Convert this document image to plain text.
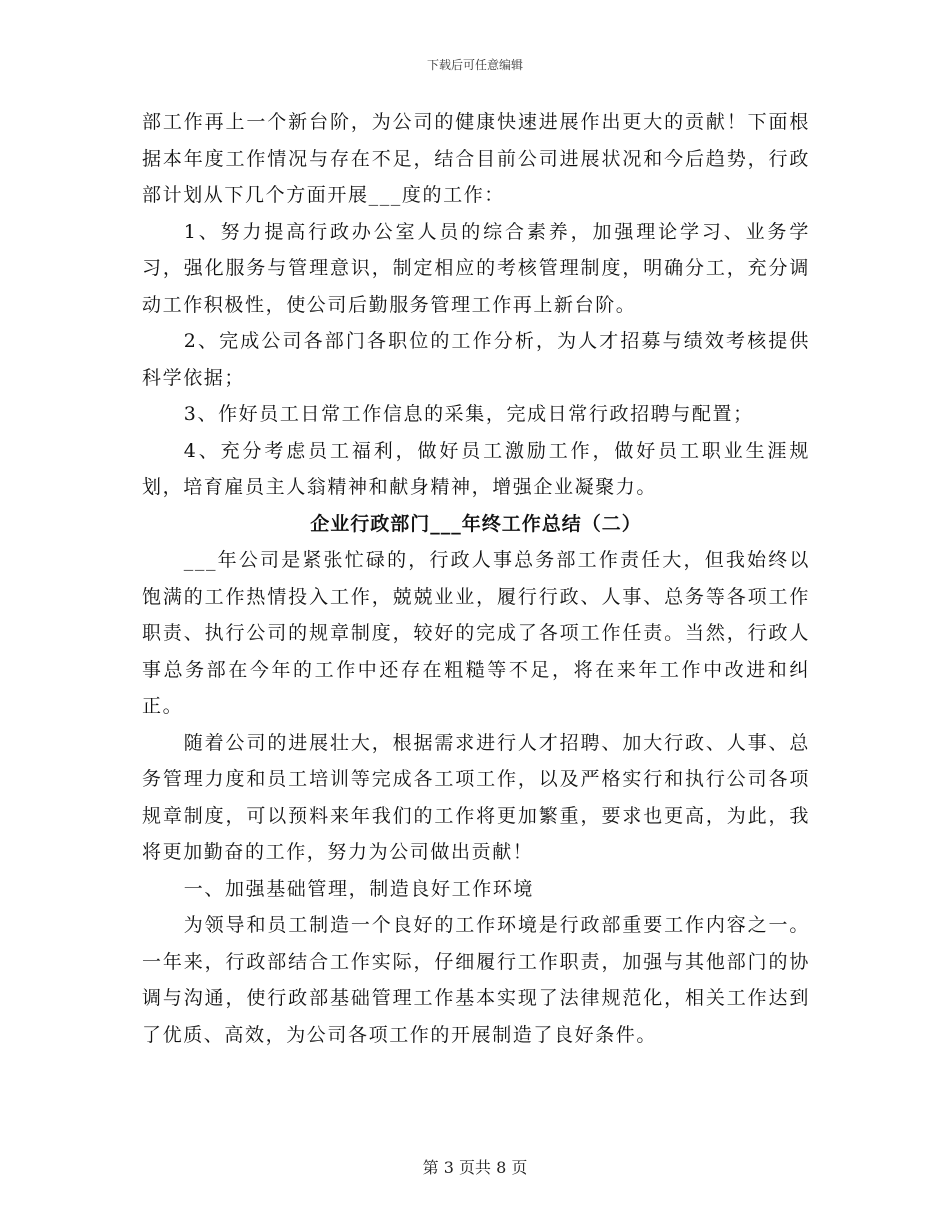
下载后可任意编辑

部工作再上一个新台阶，为公司的健康快速进展作出更大的贡献！下面根据本年度工作情况与存在不足，结合目前公司进展状况和今后趋势，行政部计划从下几个方面开展___度的工作：

1、努力提高行政办公室人员的综合素养，加强理论学习、业务学习，强化服务与管理意识，制定相应的考核管理制度，明确分工，充分调动工作积极性，使公司后勤服务管理工作再上新台阶。

2、完成公司各部门各职位的工作分析，为人才招募与绩效考核提供科学依据；

3、作好员工日常工作信息的采集，完成日常行政招聘与配置；

4、充分考虑员工福利，做好员工激励工作，做好员工职业生涯规划，培育雇员主人翁精神和献身精神，增强企业凝聚力。

企业行政部门___年终工作总结（二）

___年公司是紧张忙碌的，行政人事总务部工作责任大，但我始终以饱满的工作热情投入工作，兢兢业业，履行行政、人事、总务等各项工作职责、执行公司的规章制度，较好的完成了各项工作任责。当然，行政人事总务部在今年的工作中还存在粗糙等不足，将在来年工作中改进和纠正。

随着公司的进展壮大，根据需求进行人才招聘、加大行政、人事、总务管理力度和员工培训等完成各工项工作，以及严格实行和执行公司各项规章制度，可以预料来年我们的工作将更加繁重，要求也更高，为此，我将更加勤奋的工作，努力为公司做出贡献！

一、加强基础管理，制造良好工作环境

为领导和员工制造一个良好的工作环境是行政部重要工作内容之一。一年来，行政部结合工作实际，仔细履行工作职责，加强与其他部门的协调与沟通，使行政部基础管理工作基本实现了法律规范化，相关工作达到了优质、高效，为公司各项工作的开展制造了良好条件。

第 3 页共 8 页
